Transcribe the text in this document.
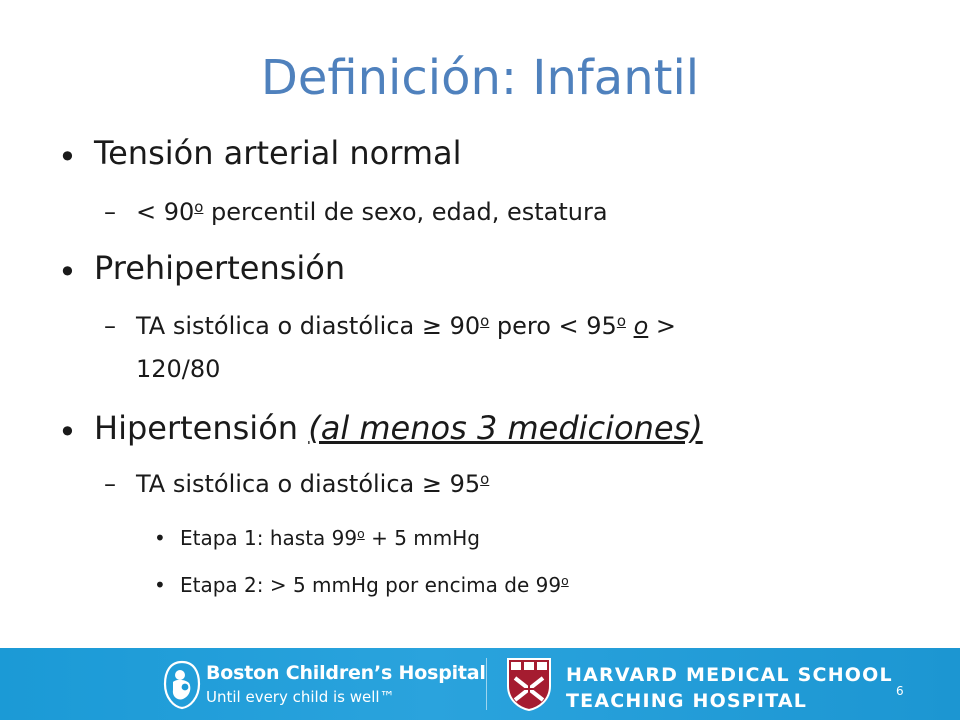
Definición: Infantil
• Tensión arterial normal
– < $90^o$ percentil de sexo, edad, estatura
• Prehipertensión
– TA sistólica o diastólica ≥ $90^o$ pero < $95^o$ o >
120/80
• Hipertensión (al menos 3 mediciones)
– TA sistólica o diastólica ≥ $95^o$
• Etapa 1: hasta $99^o + 5$ mmHg
• Etapa 2: > 5 mmHg por encima de 99$^o$
Boston Children’s Hospital
Until every child is well™
HARVARD MEDICAL SCHOOL
TEACHING HOSPITAL	6
